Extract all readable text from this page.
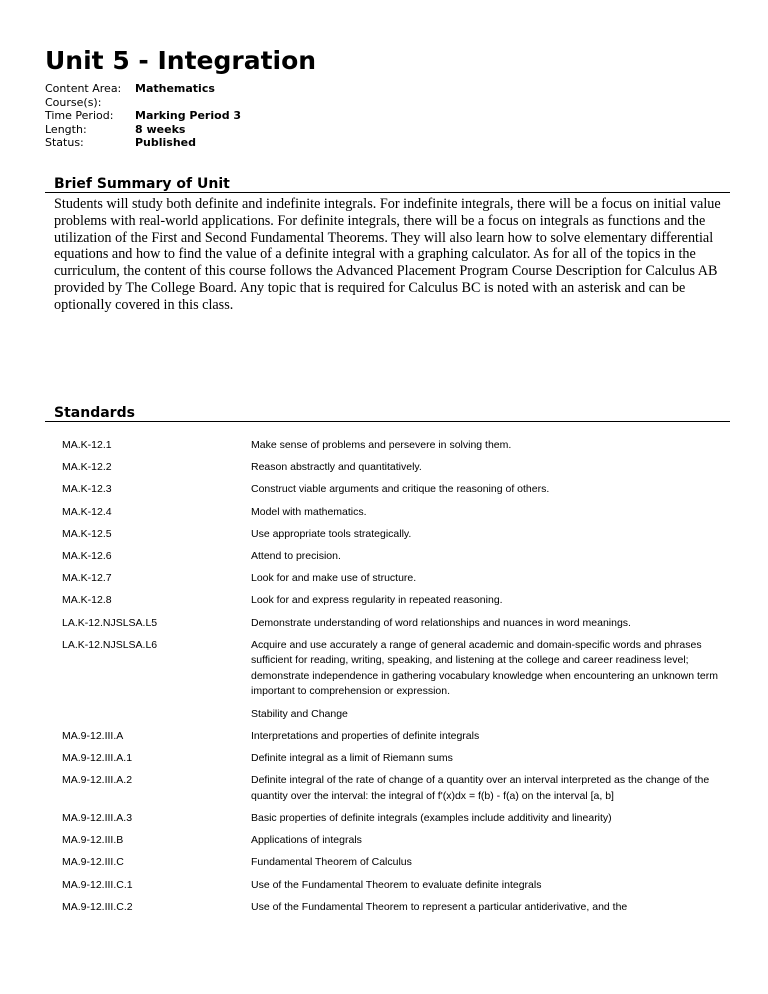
Unit 5 - Integration
Content Area:	Mathematics
Course(s):
Time Period:	Marking Period 3
Length:	8 weeks
Status:	Published
Brief Summary of Unit
Students will study both definite and indefinite integrals. For indefinite integrals, there will be a focus on initial value problems with real-world applications. For definite integrals, there will be a focus on integrals as functions and the utilization of the First and Second Fundamental Theorems. They will also learn how to solve elementary differential equations and how to find the value of a definite integral with a graphing calculator. As for all of the topics in the curriculum, the content of this course follows the Advanced Placement Program Course Description for Calculus AB provided by The College Board. Any topic that is required for Calculus BC is noted with an asterisk and can be optionally covered in this class.
Standards
MA.K-12.1	Make sense of problems and persevere in solving them.
MA.K-12.2	Reason abstractly and quantitatively.
MA.K-12.3	Construct viable arguments and critique the reasoning of others.
MA.K-12.4	Model with mathematics.
MA.K-12.5	Use appropriate tools strategically.
MA.K-12.6	Attend to precision.
MA.K-12.7	Look for and make use of structure.
MA.K-12.8	Look for and express regularity in repeated reasoning.
LA.K-12.NJSLSA.L5	Demonstrate understanding of word relationships and nuances in word meanings.
LA.K-12.NJSLSA.L6	Acquire and use accurately a range of general academic and domain-specific words and phrases sufficient for reading, writing, speaking, and listening at the college and career readiness level; demonstrate independence in gathering vocabulary knowledge when encountering an unknown term important to comprehension or expression.
Stability and Change
MA.9-12.III.A	Interpretations and properties of definite integrals
MA.9-12.III.A.1	Definite integral as a limit of Riemann sums
MA.9-12.III.A.2	Definite integral of the rate of change of a quantity over an interval interpreted as the change of the quantity over the interval: the integral of f'(x)dx = f(b) - f(a) on the interval [a, b]
MA.9-12.III.A.3	Basic properties of definite integrals (examples include additivity and linearity)
MA.9-12.III.B	Applications of integrals
MA.9-12.III.C	Fundamental Theorem of Calculus
MA.9-12.III.C.1	Use of the Fundamental Theorem to evaluate definite integrals
MA.9-12.III.C.2	Use of the Fundamental Theorem to represent a particular antiderivative, and the
